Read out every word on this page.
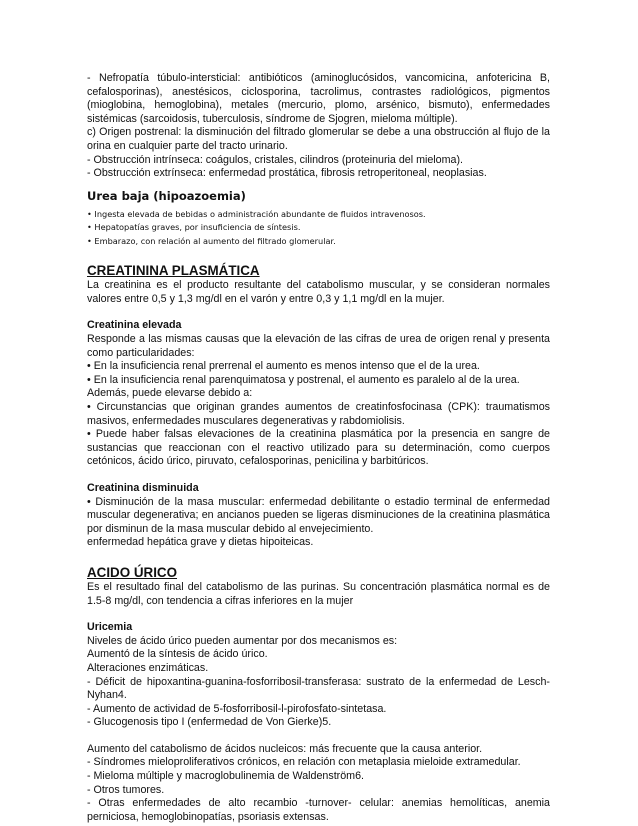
- Nefropatía túbulo-intersticial: antibióticos (aminoglucósidos, vancomicina, anfotericina B, cefalosporinas), anestésicos, ciclosporina, tacrolimus, contrastes radiológicos, pigmentos (mioglobina, hemoglobina), metales (mercurio, plomo, arsénico, bismuto), enfermedades sistémicas (sarcoidosis, tuberculosis, síndrome de Sjogren, mieloma múltiple).

c) Origen postrenal: la disminución del filtrado glomerular se debe a una obstrucción al flujo de la orina en cualquier parte del tracto urinario.

- Obstrucción intrínseca: coágulos, cristales, cilindros (proteinuria del mieloma).

- Obstrucción extrínseca: enfermedad prostática, fibrosis retroperitoneal, neoplasias.

Urea baja (hipoazoemia)

• Ingesta elevada de bebidas o administración abundante de fluidos intravenosos.

• Hepatopatías graves, por insuficiencia de síntesis.

• Embarazo, con relación al aumento del filtrado glomerular.

CREATININA PLASMÁTICA

La creatinina es el producto resultante del catabolismo muscular, y se consideran normales valores entre 0,5 y 1,3 mg/dl en el varón y entre 0,3 y 1,1 mg/dl en la mujer.

Creatinina elevada

Responde a las mismas causas que la elevación de las cifras de urea de origen renal y presenta como particularidades:

• En la insuficiencia renal prerrenal el aumento es menos intenso que el de la urea.

• En la insuficiencia renal parenquimatosa y postrenal, el aumento es paralelo al de la urea.

Además, puede elevarse debido a:

• Circunstancias que originan grandes aumentos de creatinfosfocinasa (CPK): traumatismos masivos, enfermedades musculares degenerativas y rabdomiolisis.

• Puede haber falsas elevaciones de la creatinina plasmática por la presencia en sangre de sustancias que reaccionan con el reactivo utilizado para su determinación, como cuerpos cetónicos, ácido úrico, piruvato, cefalosporinas, penicilina y barbitúricos.

Creatinina disminuida

• Disminución de la masa muscular: enfermedad debilitante o estadio terminal de enfermedad muscular degenerativa; en ancianos pueden se ligeras disminuciones de la creatinina plasmática por disminun de la masa muscular debido al envejecimiento.

enfermedad hepática grave y dietas hipoiteicas.

ACIDO ÚRICO

Es el resultado final del catabolismo de las purinas. Su concentración plasmática normal es de 1.5-8 mg/dl, con tendencia a cifras inferiores en la mujer

Uricemia

Niveles de ácido úrico pueden aumentar por dos mecanismos es:

Aumentó de la síntesis de ácido úrico.

Alteraciones enzimáticas.

- Déficit de hipoxantina-guanina-fosforribosil-transferasa: sustrato de la enfermedad de Lesch-Nyhan4.

- Aumento de actividad de 5-fosforribosil-l-pirofosfato-sintetasa.

- Glucogenosis tipo I (enfermedad de Von Gierke)5.

Aumento del catabolismo de ácidos nucleicos: más frecuente que la causa anterior.

- Síndromes mieloproliferativos crónicos, en relación con metaplasia mieloide extramedular.

- Mieloma múltiple y macroglobulinemia de Waldenström6.

- Otros tumores.

- Otras enfermedades de alto recambio -turnover- celular: anemias hemolíticas, anemia perniciosa, hemoglobinopatías, psoriasis extensas.
